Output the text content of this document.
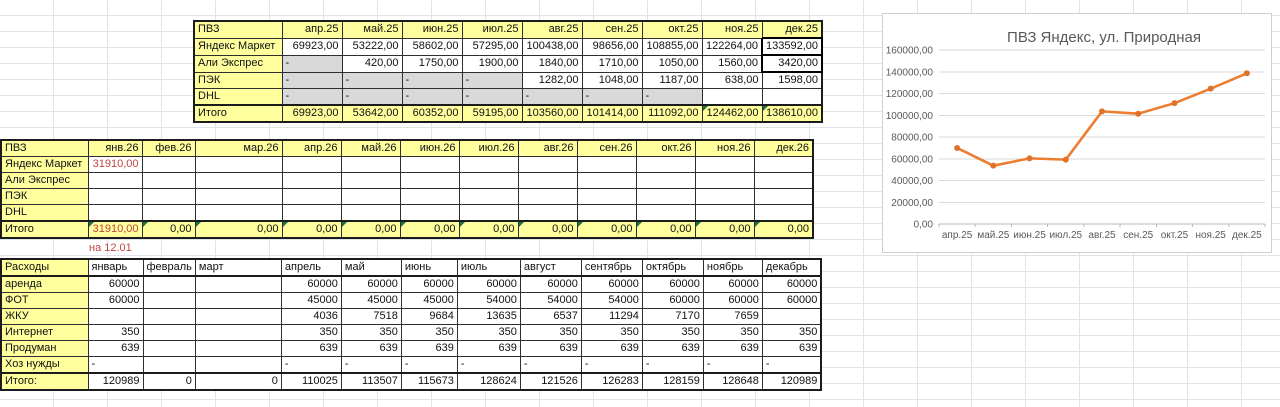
ПВЗ	апр.25	май.25	июн.25	июл.25	авг.25	сен.25	окт.25	ноя.25	дек.25
Яндекс Маркет	69923,00	53222,00	58602,00	57295,00	100438,00	98656,00	108855,00	122264,00	133592,00
Али Экспрес	-	420,00	1750,00	1900,00	1840,00	1710,00	1050,00	1560,00	3420,00
ПЭК	-	-	-	-	1282,00	1048,00	1187,00	638,00	1598,00
DHL	-	-	-	-	-	-	-		
Итого	69923,00	53642,00	60352,00	59195,00	103560,00	101414,00	111092,00	124462,00	138610,00
ПВЗ	янв.26	фев.26	мар.26	апр.26	май.26	июн.26	июл.26	авг.26	сен.26	окт.26	ноя.26	дек.26
Яндекс Маркет	31910,00											
Али Экспрес												
ПЭК												
DHL												
Итого	31910,00	0,00	0,00	0,00	0,00	0,00	0,00	0,00	0,00	0,00	0,00	0,00
на 12.01
Расходы	январь	февраль	март	апрель	май	июнь	июль	август	сентябрь	октябрь	ноябрь	декабрь
аренда	60000			60000	60000	60000	60000	60000	60000	60000	60000	60000
ФОТ	60000			45000	45000	45000	54000	54000	54000	60000	60000	60000
ЖКУ				4036	7518	9684	13635	6537	11294	7170	7659	
Интернет	350			350	350	350	350	350	350	350	350	350
Продуман	639			639	639	639	639	639	639	639	639	639
Хоз нужды	-			-	-	-	-	-	-	-	-	-
Итого:	120989	0	0	110025	113507	115673	128624	121526	126283	128159	128648	120989
0,00
20000,00
40000,00
60000,00
80000,00
100000,00
120000,00
140000,00
160000,00
апр.25 май.25 июн.25 июл.25 авг.25 сен.25 окт.25 ноя.25 дек.25
ПВЗ Яндекс, ул. Природная
